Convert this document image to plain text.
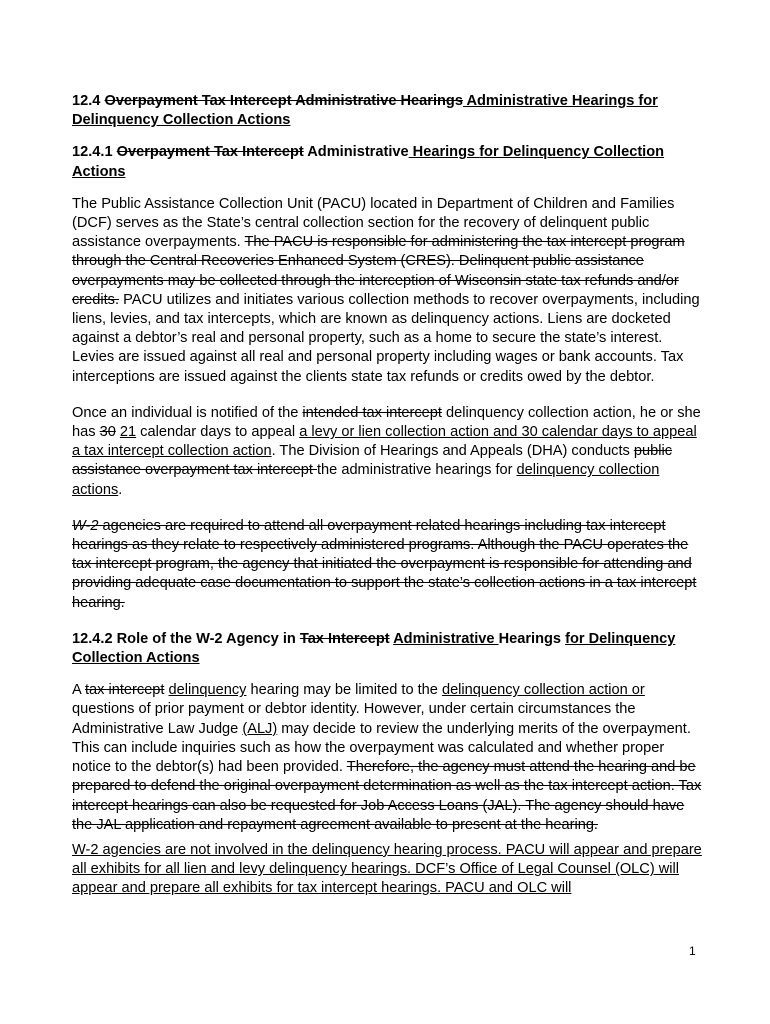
12.4 Overpayment Tax Intercept Administrative Hearings Administrative Hearings for Delinquency Collection Actions

12.4.1 Overpayment Tax Intercept Administrative Hearings for Delinquency Collection Actions

The Public Assistance Collection Unit (PACU) located in Department of Children and Families (DCF) serves as the State’s central collection section for the recovery of delinquent public assistance overpayments. The PACU is responsible for administering the tax intercept program through the Central Recoveries Enhanced System (CRES). Delinquent public assistance overpayments may be collected through the interception of Wisconsin state tax refunds and/or credits. PACU utilizes and initiates various collection methods to recover overpayments, including liens, levies, and tax intercepts, which are known as delinquency actions. Liens are docketed against a debtor’s real and personal property, such as a home to secure the state’s interest. Levies are issued against all real and personal property including wages or bank accounts. Tax interceptions are issued against the clients state tax refunds or credits owed by the debtor.

Once an individual is notified of the intended tax intercept delinquency collection action, he or she has 30 21 calendar days to appeal a levy or lien collection action and 30 calendar days to appeal a tax intercept collection action. The Division of Hearings and Appeals (DHA) conducts public assistance overpayment tax intercept the administrative hearings for delinquency collection actions.

W-2 agencies are required to attend all overpayment related hearings including tax intercept hearings as they relate to respectively administered programs. Although the PACU operates the tax intercept program, the agency that initiated the overpayment is responsible for attending and providing adequate case documentation to support the state’s collection actions in a tax intercept hearing.

12.4.2 Role of the W-2 Agency in Tax Intercept Administrative Hearings for Delinquency Collection Actions

A tax intercept delinquency hearing may be limited to the delinquency collection action or questions of prior payment or debtor identity. However, under certain circumstances the Administrative Law Judge (ALJ) may decide to review the underlying merits of the overpayment. This can include inquiries such as how the overpayment was calculated and whether proper notice to the debtor(s) had been provided. Therefore, the agency must attend the hearing and be prepared to defend the original overpayment determination as well as the tax intercept action. Tax intercept hearings can also be requested for Job Access Loans (JAL). The agency should have the JAL application and repayment agreement available to present at the hearing.

W-2 agencies are not involved in the delinquency hearing process. PACU will appear and prepare all exhibits for all lien and levy delinquency hearings. DCF’s Office of Legal Counsel (OLC) will appear and prepare all exhibits for tax intercept hearings. PACU and OLC will

1
